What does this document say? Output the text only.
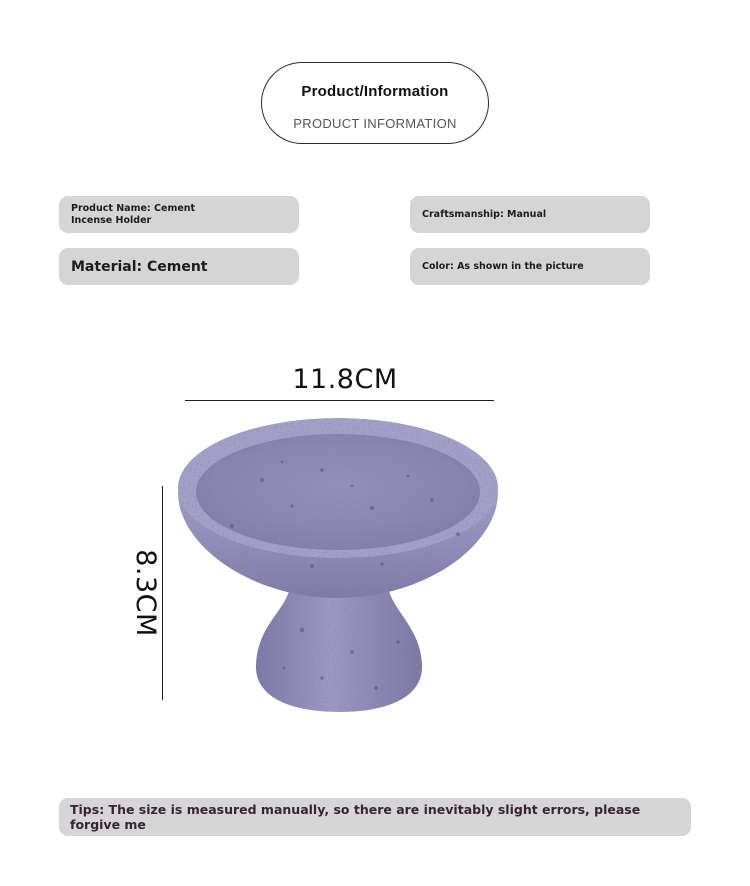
Product/Information
PRODUCT INFORMATION
Product Name: Cement Incense Holder
Craftsmanship: Manual
Material: Cement	Color: As shown in the picture
11.8CM
8.3CM
Tips: The size is measured manually, so there are inevitably slight errors, please forgive me
